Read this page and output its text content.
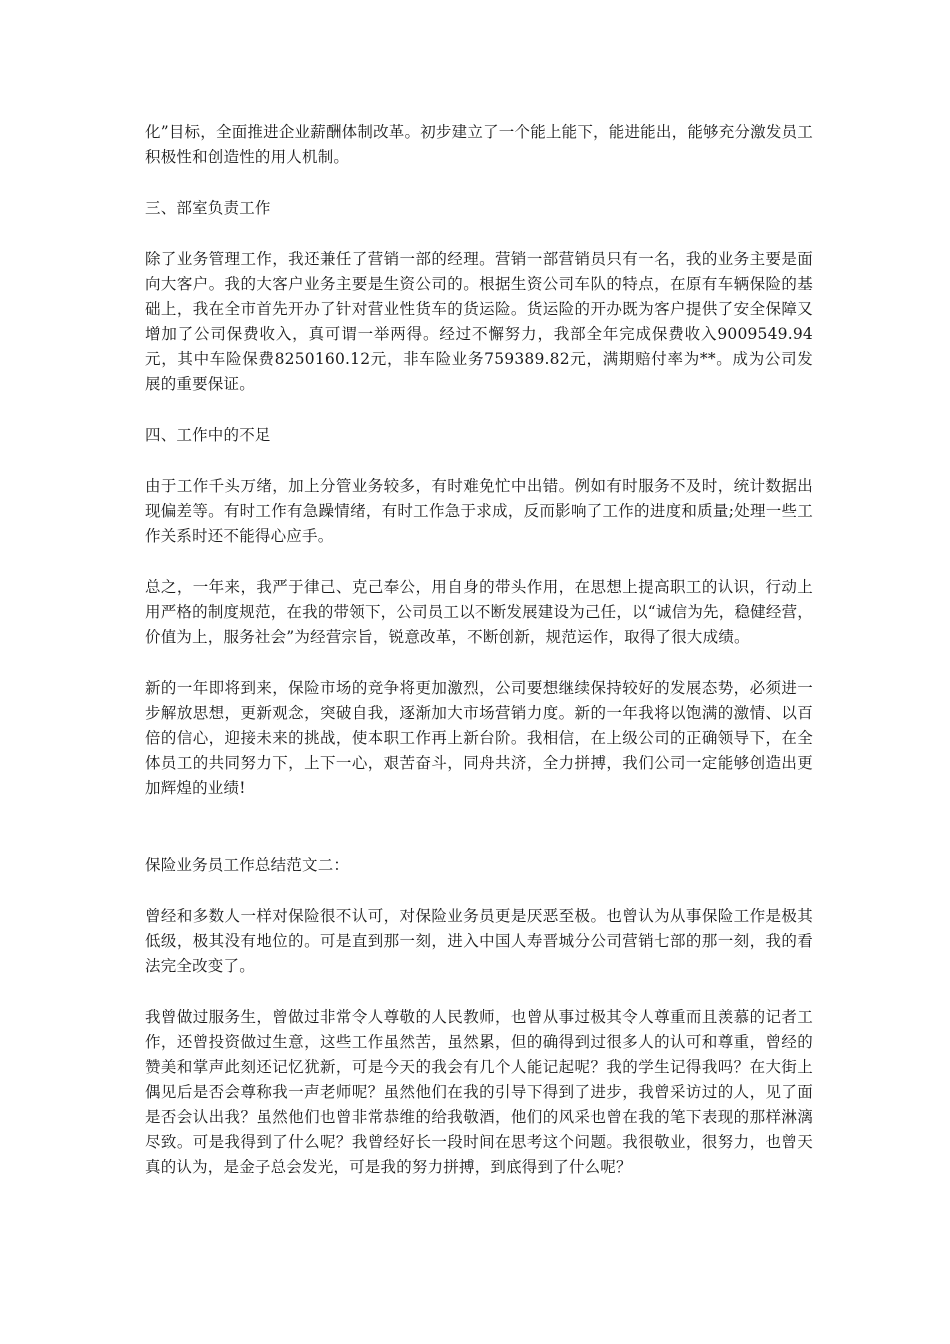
化”目标，全面推进企业薪酬体制改革。初步建立了一个能上能下，能进能出，能够充分激发员工积极性和创造性的用人机制。

三、部室负责工作

除了业务管理工作，我还兼任了营销一部的经理。营销一部营销员只有一名，我的业务主要是面向大客户。我的大客户业务主要是生资公司的。根据生资公司车队的特点，在原有车辆保险的基础上，我在全市首先开办了针对营业性货车的货运险。货运险的开办既为客户提供了安全保障又增加了公司保费收入，真可谓一举两得。经过不懈努力，我部全年完成保费收入9009549.94元，其中车险保费8250160.12元，非车险业务759389.82元，满期赔付率为**。成为公司发展的重要保证。

四、工作中的不足

由于工作千头万绪，加上分管业务较多，有时难免忙中出错。例如有时服务不及时，统计数据出现偏差等。有时工作有急躁情绪，有时工作急于求成，反而影响了工作的进度和质量;处理一些工作关系时还不能得心应手。

总之，一年来，我严于律己、克己奉公，用自身的带头作用，在思想上提高职工的认识，行动上用严格的制度规范，在我的带领下，公司员工以不断发展建设为己任，以“诚信为先，稳健经营，价值为上，服务社会”为经营宗旨，锐意改革，不断创新，规范运作，取得了很大成绩。

新的一年即将到来，保险市场的竞争将更加激烈，公司要想继续保持较好的发展态势，必须进一步解放思想，更新观念，突破自我，逐渐加大市场营销力度。新的一年我将以饱满的激情、以百倍的信心，迎接未来的挑战，使本职工作再上新台阶。我相信，在上级公司的正确领导下，在全体员工的共同努力下，上下一心，艰苦奋斗，同舟共济，全力拼搏，我们公司一定能够创造出更加辉煌的业绩!

保险业务员工作总结范文二：

曾经和多数人一样对保险很不认可，对保险业务员更是厌恶至极。也曾认为从事保险工作是极其低级，极其没有地位的。可是直到那一刻，进入中国人寿晋城分公司营销七部的那一刻，我的看法完全改变了。

我曾做过服务生，曾做过非常令人尊敬的人民教师，也曾从事过极其令人尊重而且羡慕的记者工作，还曾投资做过生意，这些工作虽然苦，虽然累，但的确得到过很多人的认可和尊重，曾经的赞美和掌声此刻还记忆犹新，可是今天的我会有几个人能记起呢？我的学生记得我吗？在大街上偶见后是否会尊称我一声老师呢？虽然他们在我的引导下得到了进步，我曾采访过的人，见了面是否会认出我？虽然他们也曾非常恭维的给我敬酒，他们的风采也曾在我的笔下表现的那样淋漓尽致。可是我得到了什么呢？我曾经好长一段时间在思考这个问题。我很敬业，很努力，也曾天真的认为，是金子总会发光，可是我的努力拼搏，到底得到了什么呢？
